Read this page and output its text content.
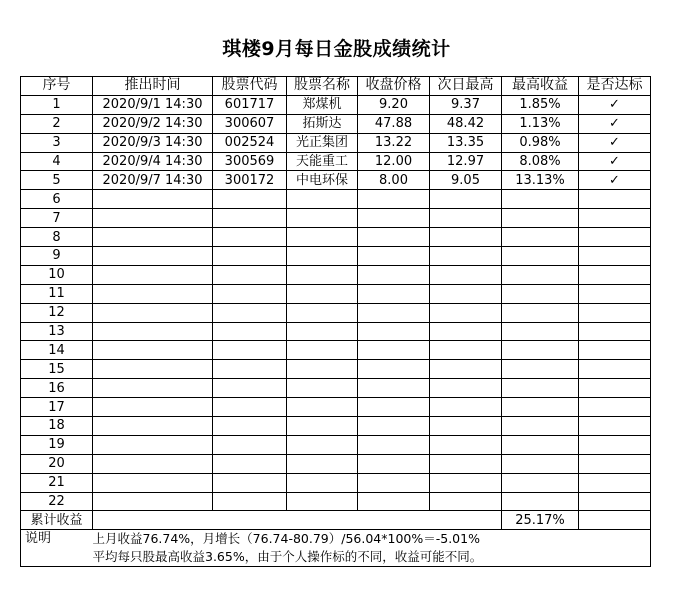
琪楼9月每日金股成绩统计
序号	推出时间	股票代码	股票名称	收盘价格	次日最高	最高收益	是否达标
1	2020/9/1 14:30	601717	郑煤机	9.20	9.37	1.85%	✓
2	2020/9/2 14:30	300607	拓斯达	47.88	48.42	1.13%	✓
3	2020/9/3 14:30	002524	光正集团	13.22	13.35	0.98%	✓
4	2020/9/4 14:30	300569	天能重工	12.00	12.97	8.08%	✓
5	2020/9/7 14:30	300172	中电环保	8.00	9.05	13.13%	✓
6							
7							
8							
9							
10							
11							
12							
13							
14							
15							
16							
17							
18							
19							
20							
21							
22							
累计收益						25.17%	
说明	上月收益76.74%，月增长（76.74-80.79）/56.04*100%＝-5.01%						
	平均每只股最高收益3.65%，由于个人操作标的不同，收益可能不同。						
